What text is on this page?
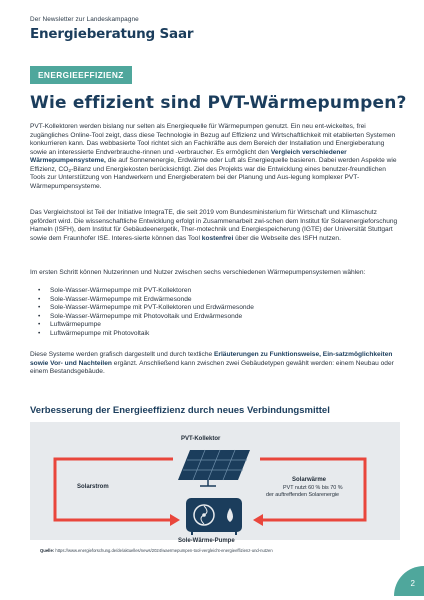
Der Newsletter zur Landeskampagne
Energieberatung Saar
ENERGIEEFFIZIENZ
Wie effizient sind PVT-Wärmepumpen?

PVT-Kollektoren werden bislang nur selten als Energiequelle für Wärmepumpen genutzt. Ein neu ent-wickeltes, frei zugängliches Online-Tool zeigt, dass diese Technologie in Bezug auf Effizienz und Wirtschaftlichkeit mit etablierten Systemen konkurrieren kann. Das webbasierte Tool richtet sich an Fachkräfte aus dem Bereich der Installation und Energieberatung sowie an interessierte Endverbrauche-rinnen und -verbraucher. Es ermöglicht den Vergleich verschiedener Wärmepumpensysteme, die auf Sonnenenergie, Erdwärme oder Luft als Energiequelle basieren. Dabei werden Aspekte wie Effizienz, $CO_2$-Bilanz und Energiekosten berücksichtigt. Ziel des Projekts war die Entwicklung eines benutzer-freundlichen Tools zur Unterstützung von Handwerkern und Energieberatern bei der Planung und Aus-legung komplexer PVT-Wärmepumpensysteme.

Das Vergleichstool ist Teil der Initiative IntegraTE, die seit 2019 vom Bundesministerium für Wirtschaft und Klimaschutz gefördert wird. Die wissenschaftliche Entwicklung erfolgt in Zusammenarbeit zwi-schen dem Institut für Solarenergieforschung Hameln (ISFH), dem Institut für Gebäudeenergetik, Ther-motechnik und Energiespeicherung (IGTE) der Universität Stuttgart sowie dem Fraunhofer ISE. Interes-sierte können das Tool kostenfrei über die Webseite des ISFH nutzen.

Im ersten Schritt können Nutzerinnen und Nutzer zwischen sechs verschiedenen Wärmepumpensystemen wählen:

•	Sole-Wasser-Wärmepumpe mit PVT-Kollektoren
•	Sole-Wasser-Wärmepumpe mit Erdwärmesonde
•	Sole-Wasser-Wärmepumpe mit PVT-Kollektoren und Erdwärmesonde
•	Sole-Wasser-Wärmepumpe mit Photovoltaik und Erdwärmesonde
•	Luftwärmepumpe
•	Luftwärmepumpe mit Photovoltaik

Diese Systeme werden grafisch dargestellt und durch textliche Erläuterungen zu Funktionsweise, Ein-satzmöglichkeiten sowie Vor- und Nachteilen ergänzt. Anschließend kann zwischen zwei Gebäudetypen gewählt werden: einem Neubau oder einem Bestandsgebäude.

Verbesserung der Energieeffizienz durch neues Verbindungsmittel
PVT-Kollektor
Solarstrom
Solarwärme
PVT nutzt 60 % bis 70 %
der auftreffenden Solarenergie
Sole-Wärme-Pumpe
Quelle: https://www.energieforschung.de/de/aktuelles/news/2024/waermepumpen-tool-vergleicht-energieeffizienz-und-nutzen
2
